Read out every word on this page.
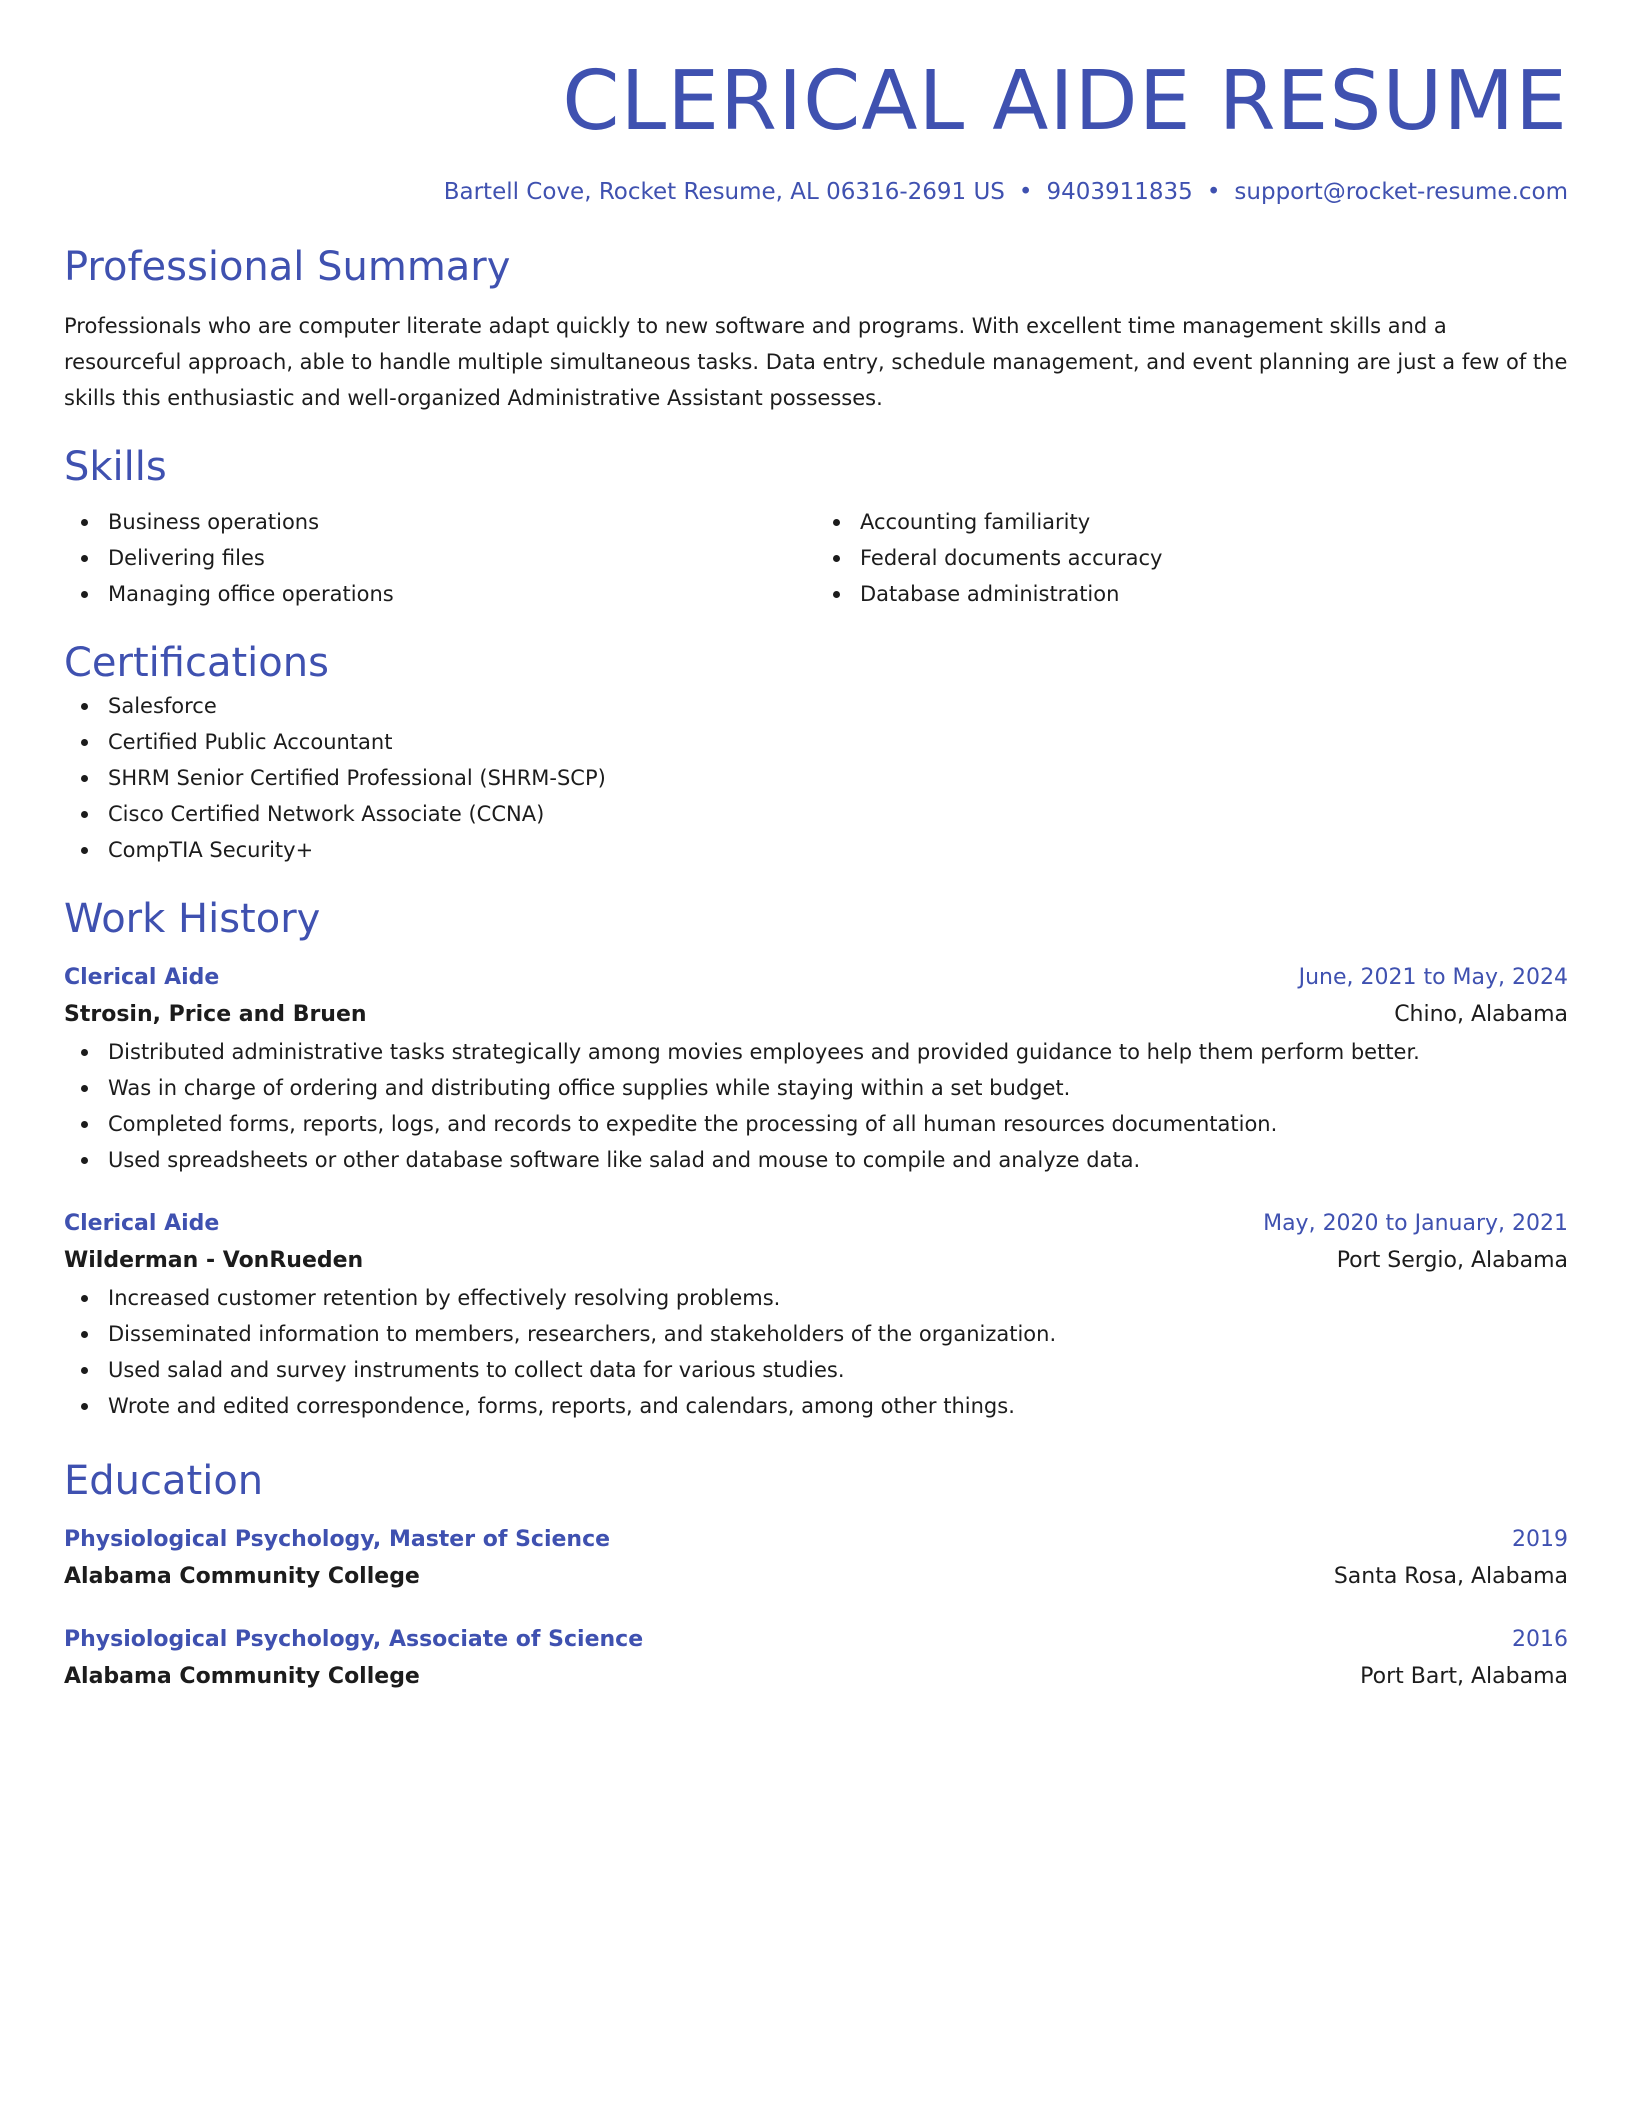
CLERICAL AIDE RESUME
Bartell Cove, Rocket Resume, AL 06316-2691 US • 9403911835 • support@rocket-resume.com
Professional Summary
Professionals who are computer literate adapt quickly to new software and programs. With excellent time management skills and a resourceful approach, able to handle multiple simultaneous tasks. Data entry, schedule management, and event planning are just a few of the skills this enthusiastic and well-organized Administrative Assistant possesses.
Skills
Business operations
Delivering files
Managing office operations
Accounting familiarity
Federal documents accuracy
Database administration
Certifications
Salesforce
Certified Public Accountant
SHRM Senior Certified Professional (SHRM-SCP)
Cisco Certified Network Associate (CCNA)
CompTIA Security+
Work History
Clerical Aide	June, 2021 to May, 2024
Strosin, Price and Bruen	Chino, Alabama
Distributed administrative tasks strategically among movies employees and provided guidance to help them perform better.
Was in charge of ordering and distributing office supplies while staying within a set budget.
Completed forms, reports, logs, and records to expedite the processing of all human resources documentation.
Used spreadsheets or other database software like salad and mouse to compile and analyze data.
Clerical Aide	May, 2020 to January, 2021
Wilderman - VonRueden	Port Sergio, Alabama
Increased customer retention by effectively resolving problems.
Disseminated information to members, researchers, and stakeholders of the organization.
Used salad and survey instruments to collect data for various studies.
Wrote and edited correspondence, forms, reports, and calendars, among other things.
Education
Physiological Psychology, Master of Science	2019
Alabama Community College	Santa Rosa, Alabama
Physiological Psychology, Associate of Science	2016
Alabama Community College	Port Bart, Alabama
